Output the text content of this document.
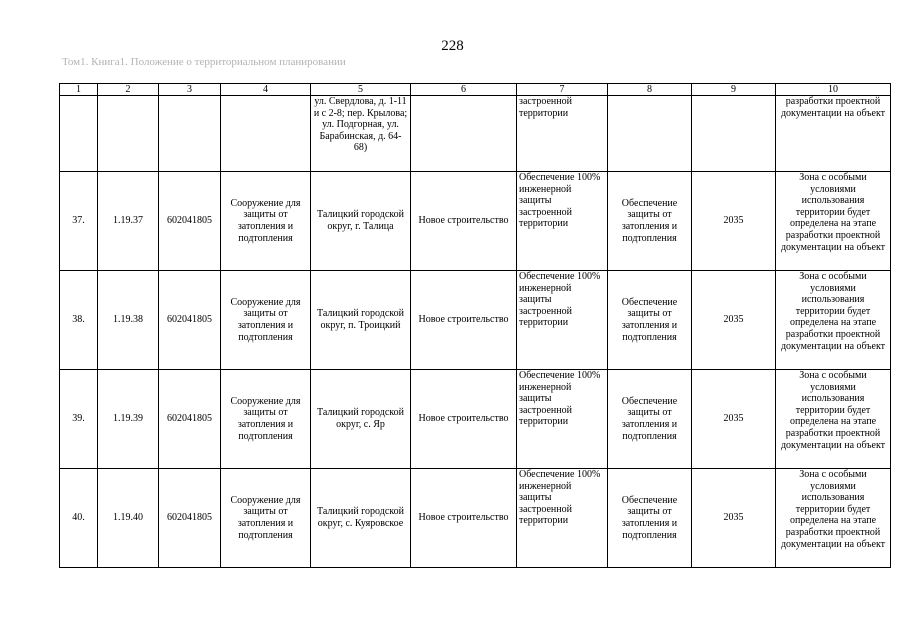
228
Том1. Книга1. Положение о территориальном планировании
1	2	3	4	5	6	7	8	9	10
				ул. Свердлова, д. 1-11 и с 2-8; пер. Крылова; ул. Подгорная, ул. Барабинская, д. 64-68)		застроенной территории			разработки проектной документации на объект
37.	1.19.37	602041805	Сооружение для защиты от затопления и подтопления	Талицкий городской округ, г. Талица	Новое строительство	Обеспечение 100% инженерной защиты застроенной территории	Обеспечение защиты от затопления и подтопления	2035	Зона с особыми условиями использования территории будет определена на этапе разработки проектной документации на объект
38.	1.19.38	602041805	Сооружение для защиты от затопления и подтопления	Талицкий городской округ, п. Троицкий	Новое строительство	Обеспечение 100% инженерной защиты застроенной территории	Обеспечение защиты от затопления и подтопления	2035	Зона с особыми условиями использования территории будет определена на этапе разработки проектной документации на объект
39.	1.19.39	602041805	Сооружение для защиты от затопления и подтопления	Талицкий городской округ, с. Яр	Новое строительство	Обеспечение 100% инженерной защиты застроенной территории	Обеспечение защиты от затопления и подтопления	2035	Зона с особыми условиями использования территории будет определена на этапе разработки проектной документации на объект
40.	1.19.40	602041805	Сооружение для защиты от затопления и подтопления	Талицкий городской округ, с. Куяровское	Новое строительство	Обеспечение 100% инженерной защиты застроенной территории	Обеспечение защиты от затопления и подтопления	2035	Зона с особыми условиями использования территории будет определена на этапе разработки проектной документации на объект
